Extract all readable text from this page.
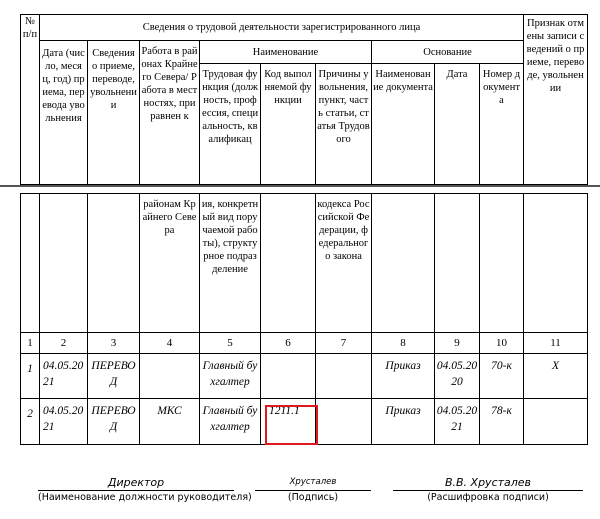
№ п/п	Сведения о трудовой деятельности зарегистрированного лица									Признак отмены записи сведений о приеме, переводе, увольнении
	Дата (число, месяц, год) приема, перевода увольнения	Сведения о приеме, переводе, увольнении	Работа в районах Крайнего Севера/ Работа в местностях, приравнен к	Наименование			Основание			
				Трудовая функция (должность, профессия, специальность, квалификац	Код выполняемой функции	Причины увольнения, пункт, часть статьи, статья Трудового	Наименование документа	Дата	Номер документа	
			районам Крайнего Севера	ия, конкретный вид поручаемой работы), структурное подразделение		кодекса Российской Федерации, федерального закона				
1	2	3	4	5	6	7	8	9	10	11
1	04.05.2021	ПЕРЕВОД		Главный бухгалтер			Приказ	04.05.2020	70-к	Х
2	04.05.2021	ПЕРЕВОД	МКС	Главный бухгалтер	1211.1		Приказ	04.05.2021	78-к	
Директор
(Наименование должности руководителя)
Хрусталев
(Подпись)
В.В. Хрусталев
(Расшифровка подписи)
